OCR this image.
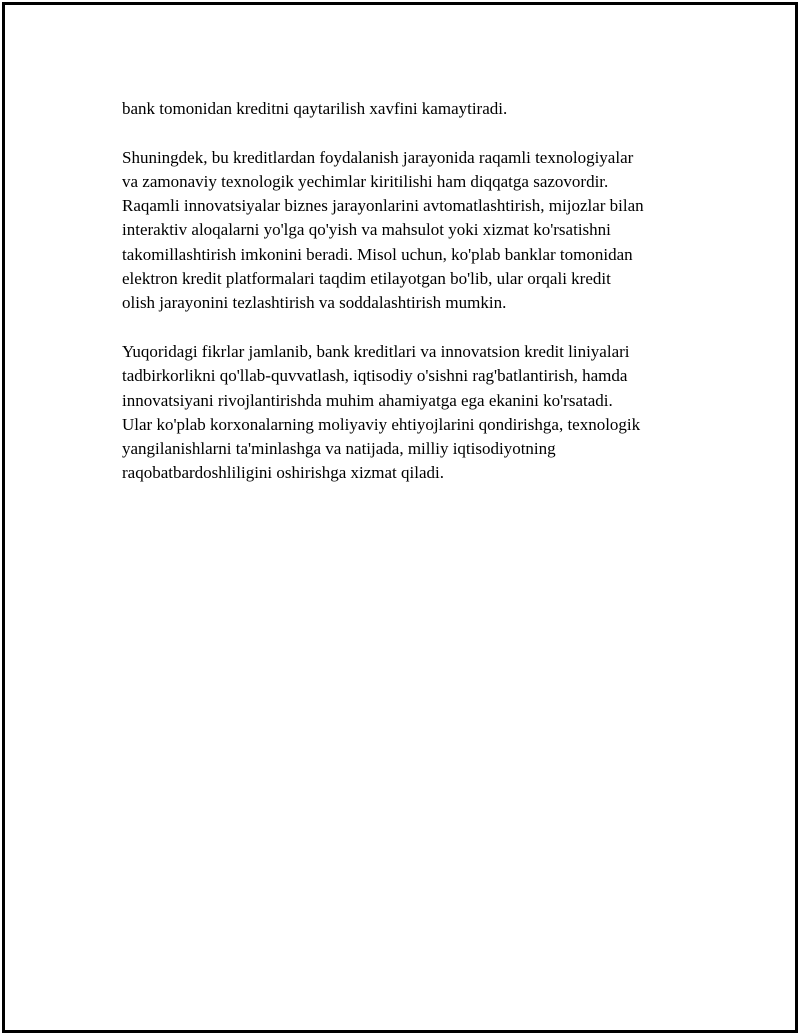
bank tomonidan kreditni qaytarilish xavfini kamaytiradi.

Shuningdek, bu kreditlardan foydalanish jarayonida raqamli texnologiyalar
va zamonaviy texnologik yechimlar kiritilishi ham diqqatga sazovordir.
Raqamli innovatsiyalar biznes jarayonlarini avtomatlashtirish, mijozlar bilan
interaktiv aloqalarni yo'lga qo'yish va mahsulot yoki xizmat ko'rsatishni
takomillashtirish imkonini beradi. Misol uchun, ko'plab banklar tomonidan
elektron kredit platformalari taqdim etilayotgan bo'lib, ular orqali kredit
olish jarayonini tezlashtirish va soddalashtirish mumkin.

Yuqoridagi fikrlar jamlanib, bank kreditlari va innovatsion kredit liniyalari
tadbirkorlikni qo'llab-quvvatlash, iqtisodiy o'sishni rag'batlantirish, hamda
innovatsiyani rivojlantirishda muhim ahamiyatga ega ekanini ko'rsatadi.
Ular ko'plab korxonalarning moliyaviy ehtiyojlarini qondirishga, texnologik
yangilanishlarni ta'minlashga va natijada, milliy iqtisodiyotning
raqobatbardoshliligini oshirishga xizmat qiladi.
